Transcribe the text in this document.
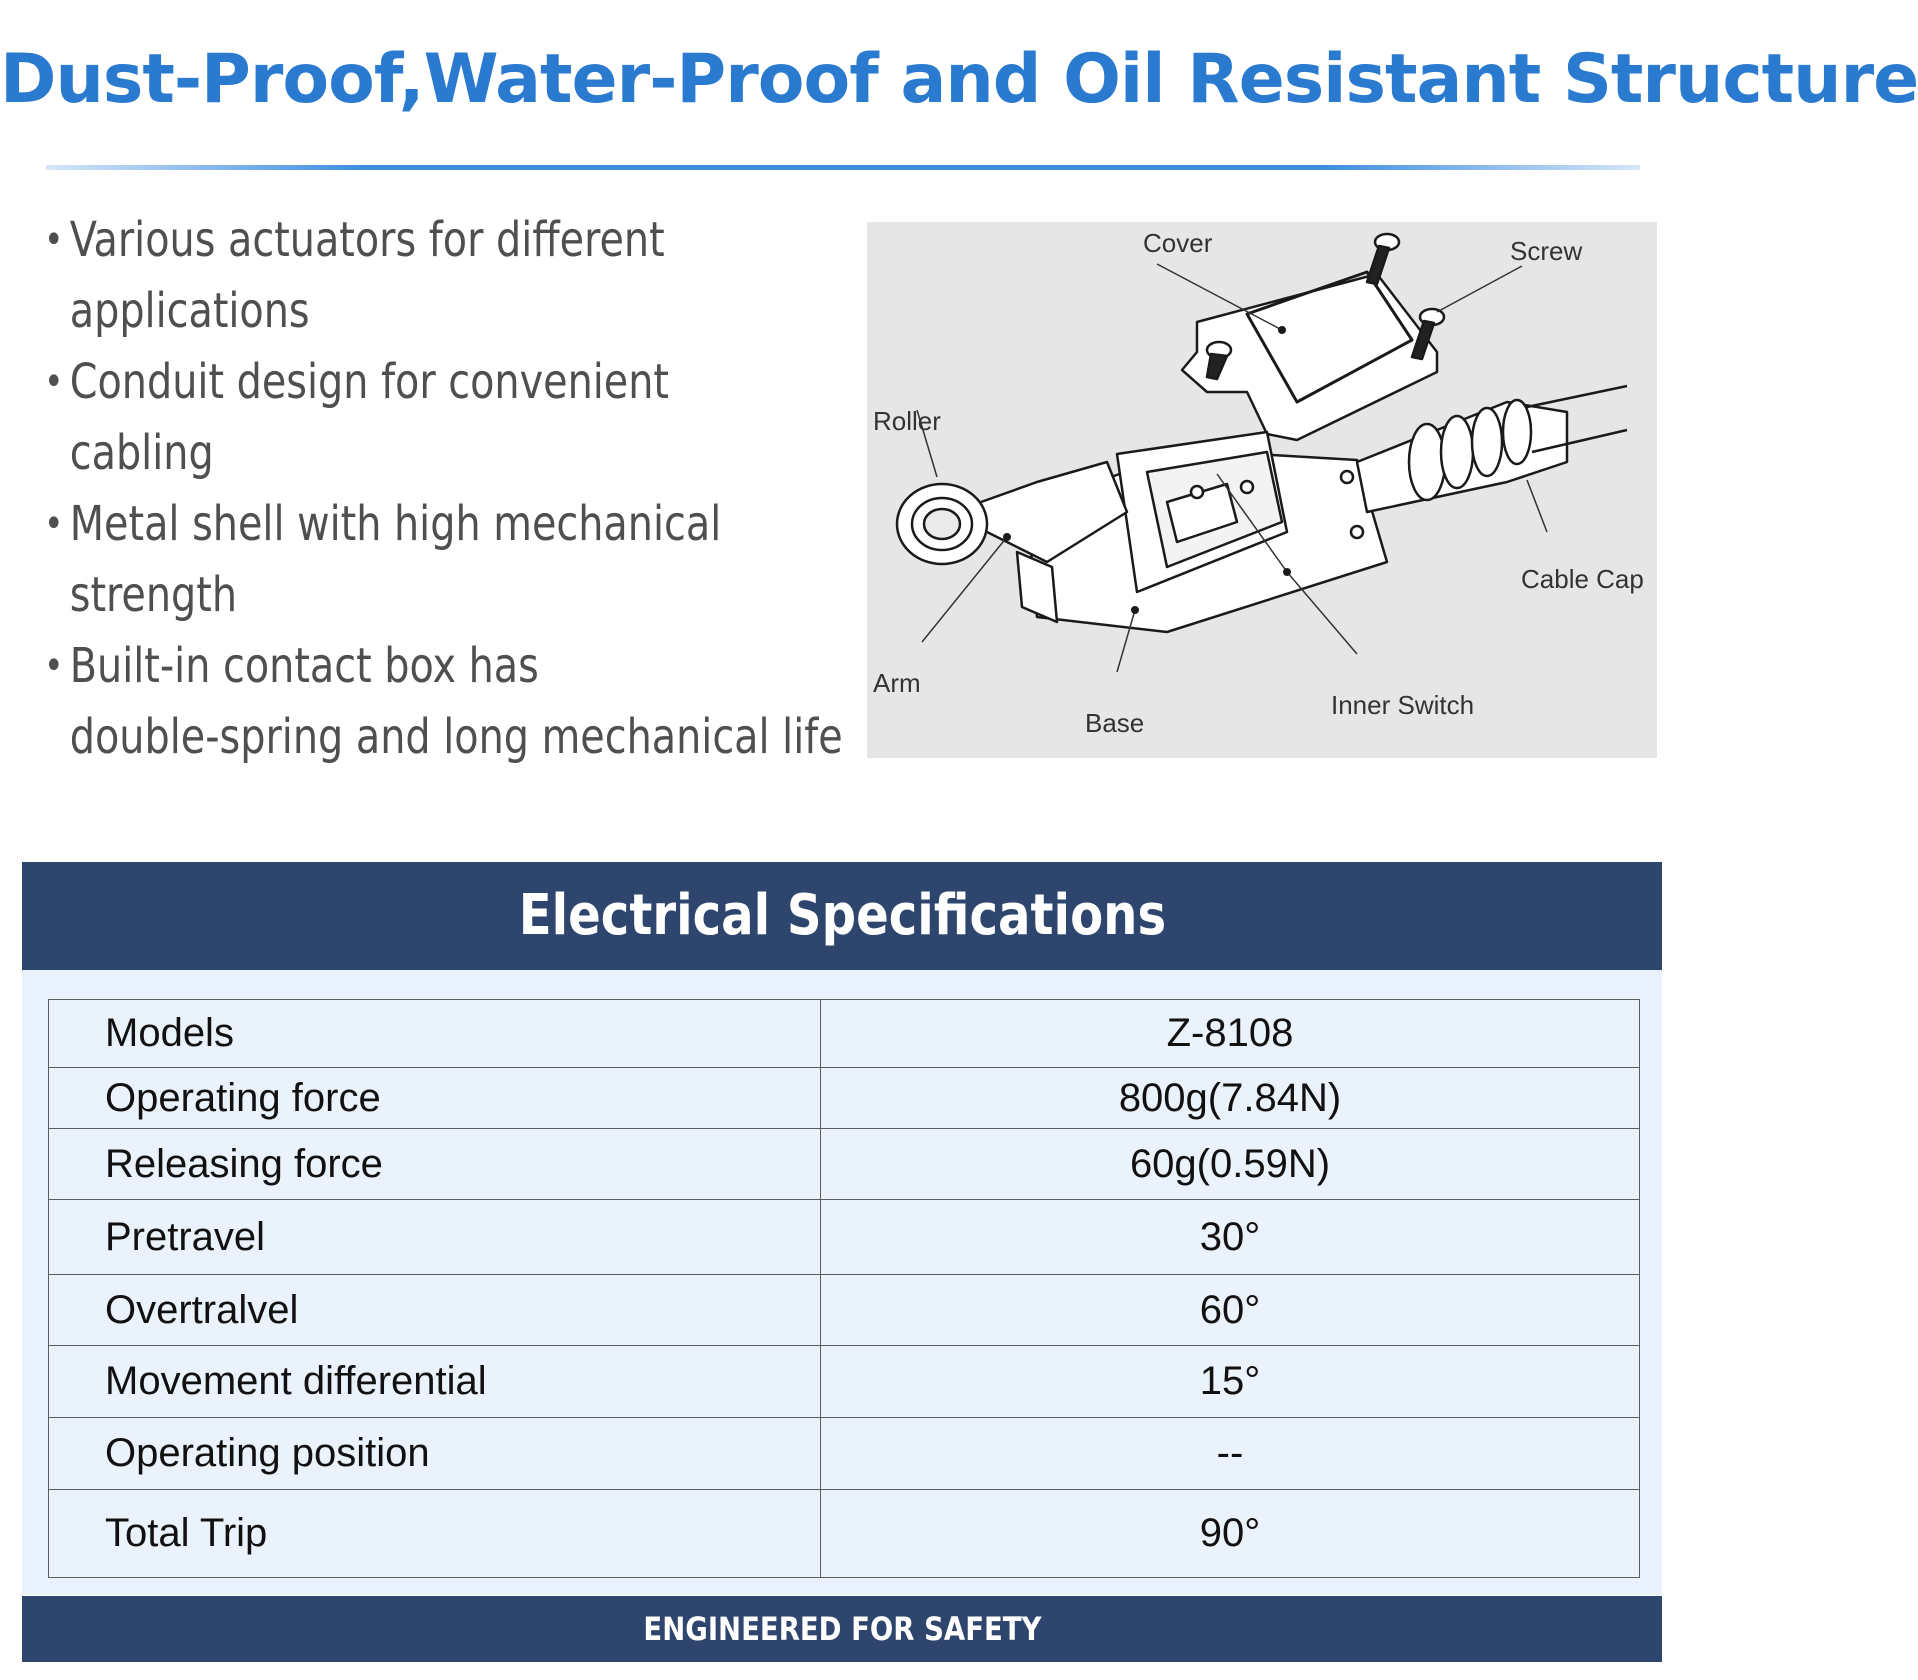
Dust-Proof,Water-Proof and Oil Resistant Structure
• Various actuators for different
applications
• Conduit design for convenient
cabling
• Metal shell with high mechanical
strength
• Built-in contact box has
double-spring and long mechanical life
Cover	Screw
Roller
Cable Cap
Arm
Base
Inner Switch
Electrical Specifications
Models	Z-8108
Operating force	800g(7.84N)
Releasing force	60g(0.59N)
Pretravel	30°
Overtralvel	60°
Movement differential	15°
Operating position	--
Total Trip	90°
ENGINEERED FOR SAFETY
